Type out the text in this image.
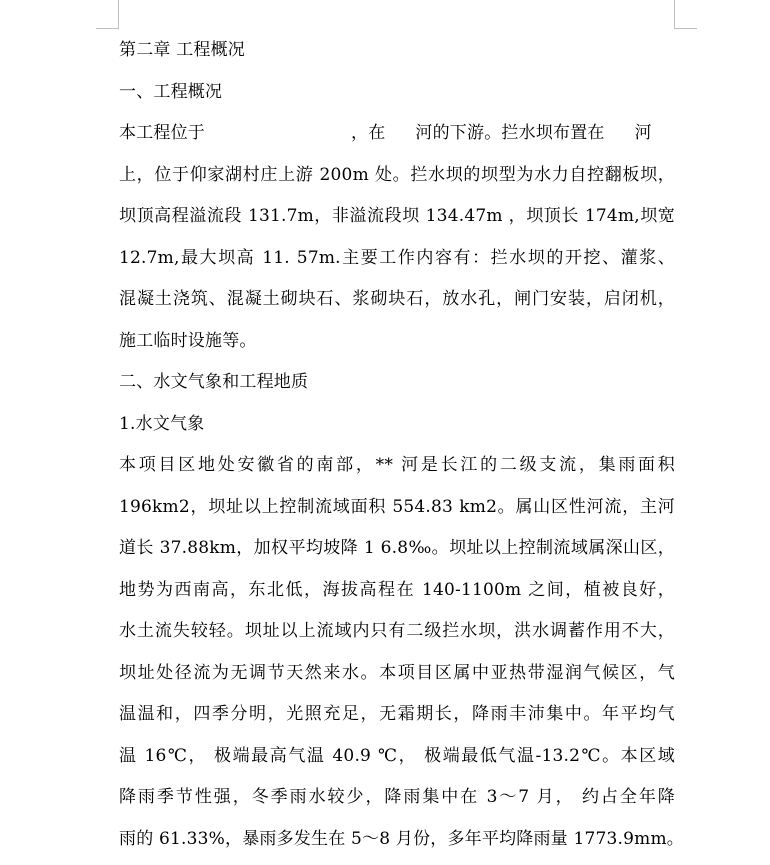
第二章 工程概况
一、工程概况
本工程位于	，在 河的下游。拦水坝布置在 河
上，位于仰家湖村庄上游 200m 处。拦水坝的坝型为水力自控翻板坝，
坝顶高程溢流段 131.7m，非溢流段坝 134.47m ，坝顶长 174m,坝宽
12.7m,最大坝高 11. 57m.主要工作内容有：拦水坝的开挖、灌浆、
混凝土浇筑、混凝土砌块石、浆砌块石，放水孔，闸门安装，启闭机，
施工临时设施等。
二、水文气象和工程地质
1.水文气象
本项目区地处安徽省的南部，** 河是长江的二级支流，集雨面积
196km2，坝址以上控制流域面积 554.83 km2。属山区性河流，主河
道长 37.88km，加权平均坡降 1 6.8‰。坝址以上控制流域属深山区，
地势为西南高，东北低，海拔高程在 140-1100m 之间，植被良好，
水土流失较轻。坝址以上流域内只有二级拦水坝，洪水调蓄作用不大，
坝址处径流为无调节天然来水。本项目区属中亚热带湿润气候区，气
温温和，四季分明，光照充足，无霜期长，降雨丰沛集中。年平均气
温 16℃， 极端最高气温 40.9 ℃， 极端最低气温-13.2℃。本区域
降雨季节性强，冬季雨水较少，降雨集中在 3～7 月， 约占全年降
雨的 61.33%，暴雨多发生在 5～8 月份，多年平均降雨量 1773.9mm。
